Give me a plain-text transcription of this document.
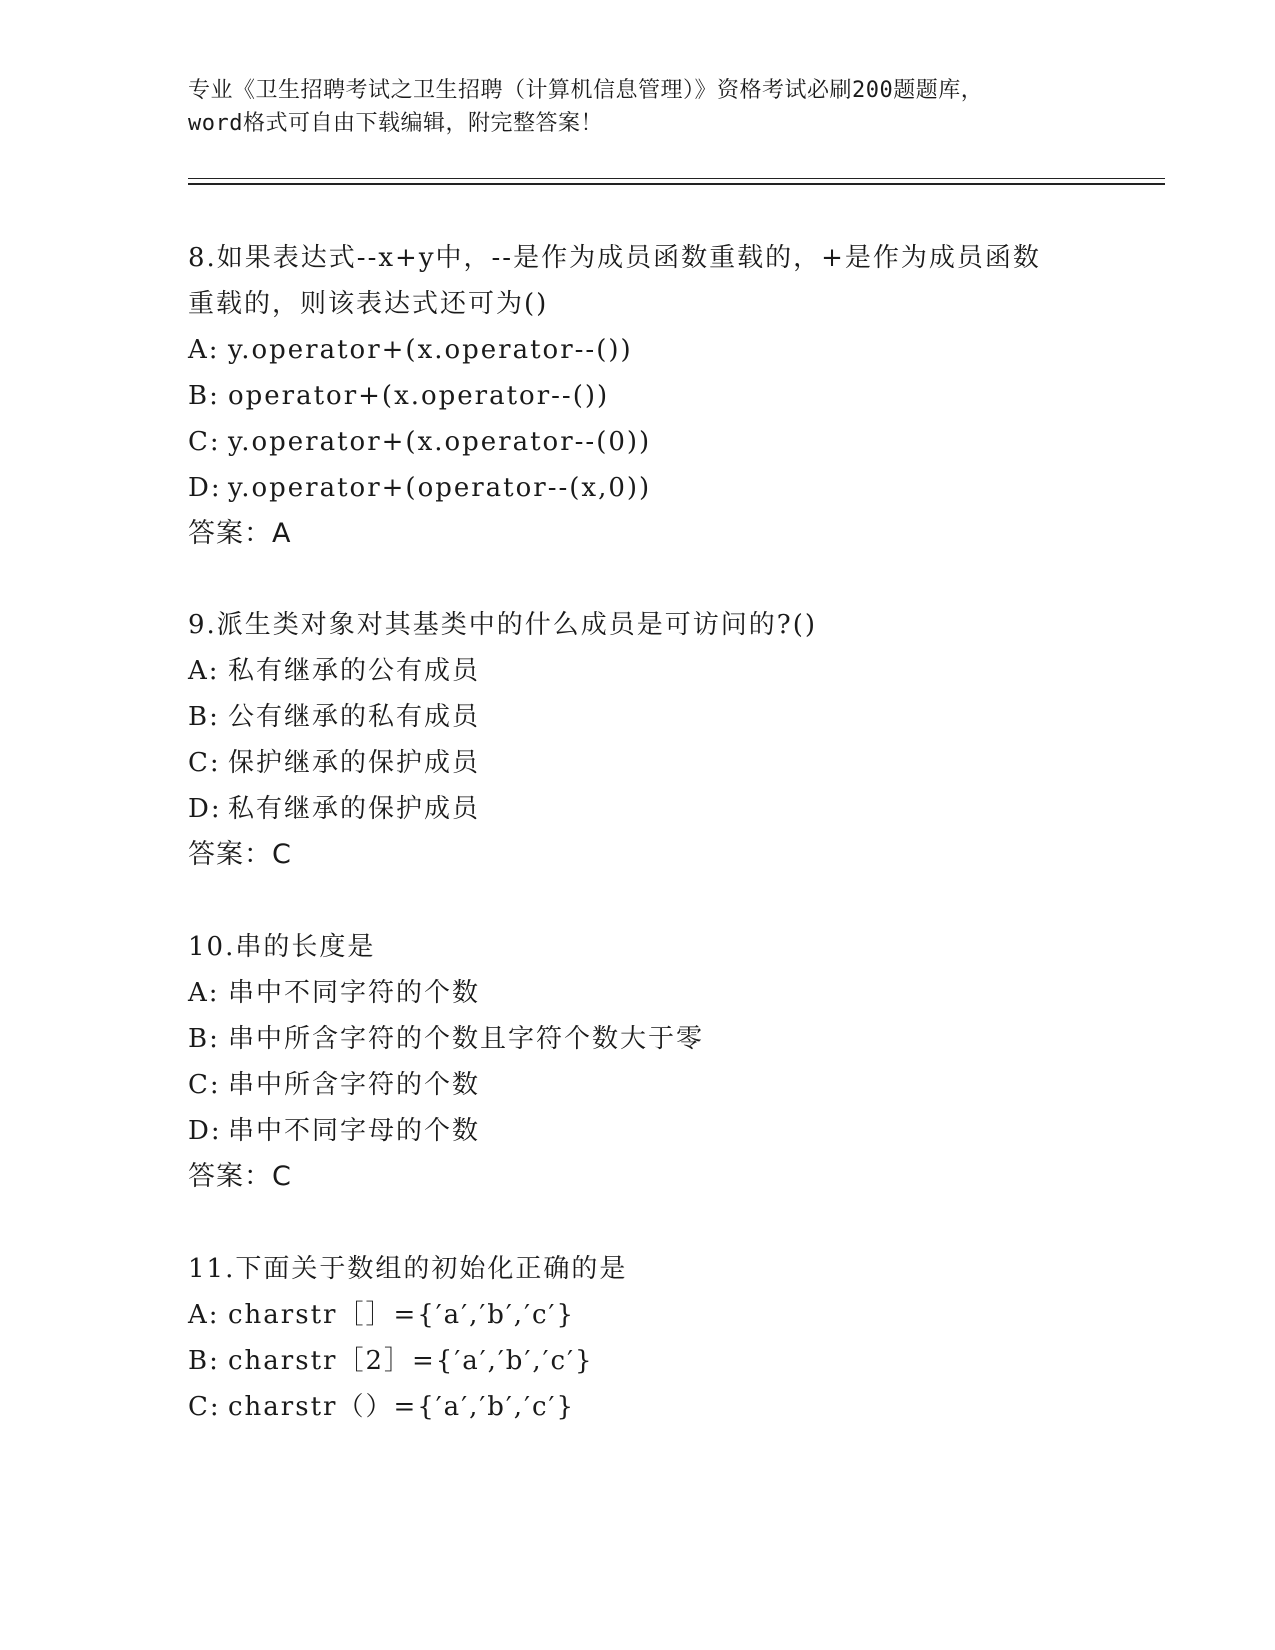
专业《卫生招聘考试之卫生招聘（计算机信息管理）》资格考试必刷200题题库，
word格式可自由下载编辑，附完整答案！
8.如果表达式--x+y中，--是作为成员函数重载的，+是作为成员函数
重载的，则该表达式还可为()
A: y.operator+(x.operator--())
B: operator+(x.operator--())
C: y.operator+(x.operator--(0))
D: y.operator+(operator--(x,0))
答案：A
9.派生类对象对其基类中的什么成员是可访问的?()
A: 私有继承的公有成员
B: 公有继承的私有成员
C: 保护继承的保护成员
D: 私有继承的保护成员
答案：C
10.串的长度是
A: 串中不同字符的个数
B: 串中所含字符的个数且字符个数大于零
C: 串中所含字符的个数
D: 串中不同字母的个数
答案：C
11.下面关于数组的初始化正确的是
A: charstr［］={′a′,′b′,′c′}
B: charstr［2］={′a′,′b′,′c′}
C: charstr（）={′a′,′b′,′c′}
